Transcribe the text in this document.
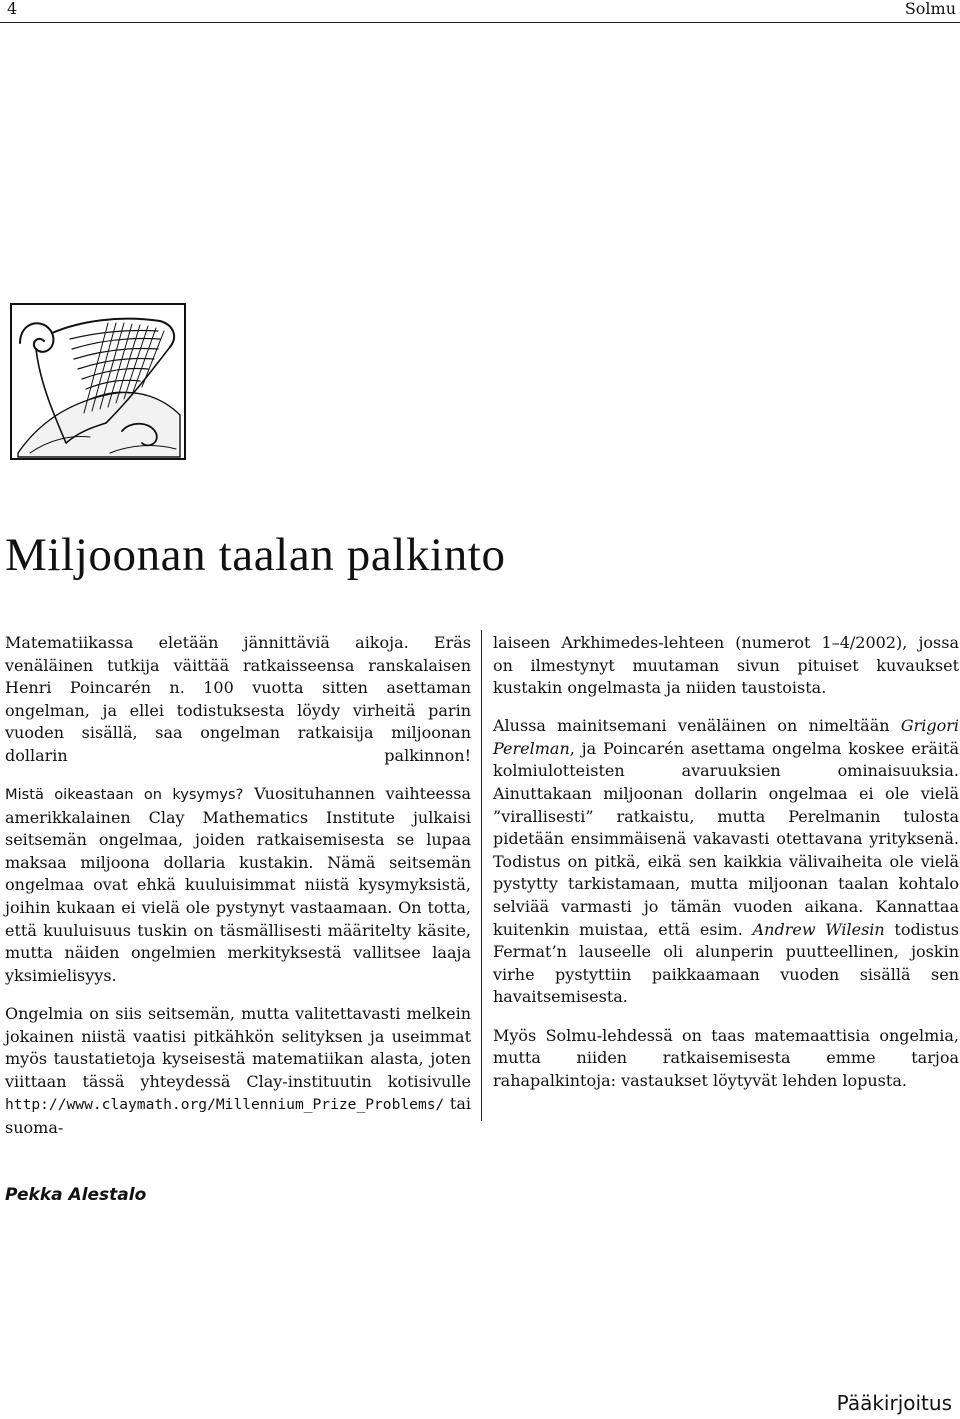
4	Solmu
Miljoonan taalan palkinto

Matematiikassa eletään jännittäviä aikoja. Eräs venäläinen tutkija väittää ratkaisseensa ranskalaisen Henri Poincarén n. 100 vuotta sitten asettaman ongelman, ja ellei todistuksesta löydy virheitä parin vuoden sisällä, saa ongelman ratkaisija miljoonan dollarin palkinnon!

Mistä oikeastaan on kysymys? Vuosituhannen vaihteessa amerikkalainen Clay Mathematics Institute julkaisi seitsemän ongelmaa, joiden ratkaisemisesta se lupaa maksaa miljoona dollaria kustakin. Nämä seitsemän ongelmaa ovat ehkä kuuluisimmat niistä kysymyksistä, joihin kukaan ei vielä ole pystynyt vastaamaan. On totta, että kuuluisuus tuskin on täsmällisesti määritelty käsite, mutta näiden ongelmien merkityksestä vallitsee laaja yksimielisyys.

Ongelmia on siis seitsemän, mutta valitettavasti melkein jokainen niistä vaatisi pitkähkön selityksen ja useimmat myös taustatietoja kyseisestä matematiikan alasta, joten viittaan tässä yhteydessä Clay-instituutin kotisivulle http://www.claymath.org/Millennium_Prize_Problems/ tai suoma-

laiseen Arkhimedes-lehteen (numerot 1–4/2002), jossa on ilmestynyt muutaman sivun pituiset kuvaukset kustakin ongelmasta ja niiden taustoista.

Alussa mainitsemani venäläinen on nimeltään Grigori Perelman, ja Poincarén asettama ongelma koskee eräitä kolmiulotteisten avaruuksien ominaisuuksia. Ainuttakaan miljoonan dollarin ongelmaa ei ole vielä ”virallisesti” ratkaistu, mutta Perelmanin tulosta pidetään ensimmäisenä vakavasti otettavana yrityksenä. Todistus on pitkä, eikä sen kaikkia välivaiheita ole vielä pystytty tarkistamaan, mutta miljoonan taalan kohtalo selviää varmasti jo tämän vuoden aikana. Kannattaa kuitenkin muistaa, että esim. Andrew Wilesin todistus Fermat’n lauseelle oli alunperin puutteellinen, joskin virhe pystyttiin paikkaamaan vuoden sisällä sen havaitsemisesta.

Myös Solmu-lehdessä on taas matemaattisia ongelmia, mutta niiden ratkaisemisesta emme tarjoa rahapalkintoja: vastaukset löytyvät lehden lopusta.

Pekka Alestalo

Pääkirjoitus
